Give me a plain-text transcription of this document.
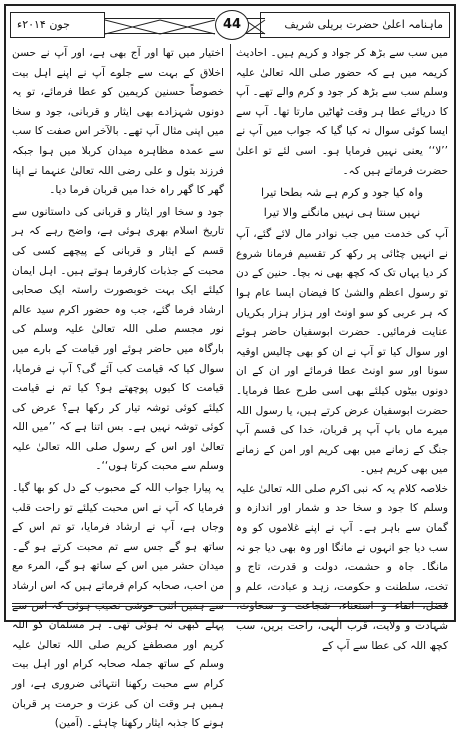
ماہنامہ اعلیٰ حضرت بریلی شریف
44
جون ۲۰۱۴ء

میں سب سے بڑھ کر جواد و کریم ہیں۔ احادیث کریمہ میں ہے کہ حضور صلی اللہ تعالیٰ علیہ وسلم سب سے بڑھ کر جود و کرم والے تھے۔ آپ کا دریائے عطا ہر وقت ٹھاٹیں مارتا تھا۔ آپ سے ایسا کوئی سوال نہ کیا گیا کہ جواب میں آپ نے ’’لا‘‘ یعنی نہیں فرمایا ہو۔ اسی لئے تو اعلیٰ حضرت فرماتے ہیں کہ۔

واہ کیا جود و کرم ہے شہ بطحا تیرا
نہیں سنتا ہی نہیں مانگنے والا تیرا

آپ کی خدمت میں جب نوادر مال لائے گئے، آپ نے انہیں چٹائی پر رکھ کر تقسیم فرمانا شروع کر دیا یہاں تک کہ کچھ بھی نہ بچا۔ حنین کے دن تو رسول اعظم والشیٰ کا فیضان ایسا عام ہوا کہ ہر عربی کو سو اونٹ اور ہزار ہزار بکریاں عنایت فرمائیں۔ حضرت ابوسفیان حاضر ہوئے اور سوال کیا تو آپ نے ان کو بھی چالیس اوقیہ سونا اور سو اونٹ عطا فرمائے اور ان کے ان دونوں بیٹوں کیلئے بھی اسی طرح عطا فرمایا۔ حضرت ابوسفیان عرض کرتے ہیں، یا رسول اللہ میرے ماں باپ آپ پر قربان، خدا کی قسم آپ جنگ کے زمانے میں بھی کریم اور امن کے زمانے میں بھی کریم ہیں۔

خلاصہ کلام یہ کہ نبی اکرم صلی اللہ تعالیٰ علیہ وسلم کا جود و سخا حد و شمار اور اندازہ و گمان سے باہر ہے۔ آپ نے اپنے غلاموں کو وہ سب دیا جو انہوں نے مانگا اور وہ بھی دیا جو نہ مانگا۔ جاہ و حشمت، دولت و قدرت، تاج و تخت، سلطنت و حکومت، زہد و عبادت، علم و فضل، اتقاء و استغناء، شجاعت و سخاوت، شہادت و ولایت، قرب الٰہی، راحت بریں، سب کچھ اللہ کی عطا سے آپ کے

اختیار میں تھا اور آج بھی ہے، اور آپ نے حسن اخلاق کے بہت سے جلوے آپ نے اپنے اہل بیت خصوصاً حسنین کریمین کو عطا فرمائے، تو یہ دونوں شہزادے بھی ایثار و قربانی، جود و سخا میں اپنی مثال آپ تھے۔ بالآخر اس صفت کا سب سے عمدہ مظاہرہ میدان کربلا میں ہوا جبکہ فرزند بتول و علی رضی اللہ تعالیٰ عنہما نے اپنا گھر کا گھر راہ خدا میں قربان فرما دیا۔

جود و سخا اور ایثار و قربانی کی داستانوں سے تاریخ اسلام بھری ہوئی ہے، واضح رہے کہ ہر قسم کے ایثار و قربانی کے پیچھے کسی کی محبت کے جذبات کارفرما ہوتے ہیں۔ اہل ایمان کیلئے ایک بہت خوبصورت راستہ ایک صحابی ارشاد فرما گئے، جب وہ حضور اکرم سید عالم نور مجسم صلی اللہ تعالیٰ علیہ وسلم کی بارگاہ میں حاضر ہوئے اور قیامت کے بارے میں سوال کیا کہ قیامت کب آئے گی؟ آپ نے فرمایا، قیامت کا کیوں پوچھتے ہو؟ کیا تم نے قیامت کیلئے کوئی توشہ تیار کر رکھا ہے؟ عرض کی کوئی توشہ نہیں ہے۔ بس اتنا ہے کہ ’’میں اللہ تعالیٰ اور اس کے رسول صلی اللہ تعالیٰ علیہ وسلم سے محبت کرتا ہوں‘‘۔

یہ پیارا جواب اللہ کے محبوب کے دل کو بھا گیا۔ فرمایا کہ آپ نے اس محبت کیلئے تو راحت قلب وجاں ہے، آپ نے ارشاد فرمایا، تو تم اس کے ساتھ ہو گے جس سے تم محبت کرتے ہو گے۔ میدان حشر میں اس کے ساتھ ہو گے، المرء مع من احب، صحابہ کرام فرماتے ہیں کہ اس ارشاد سے ہمیں اتنی خوشی نصیب ہوئی کہ اس سے پہلے کبھی نہ ہوئی تھی۔ ہر مسلمان کو اللہ کریم اور مصطفےٰ کریم صلی اللہ تعالیٰ علیہ وسلم کے ساتھ جملہ صحابہ کرام اور اہل بیت کرام سے محبت رکھنا انتہائی ضروری ہے، اور ہمیں ہر وقت ان کی عزت و حرمت پر قربان ہونے کا جذبہ ایثار رکھنا چاہئے۔ (آمین)
